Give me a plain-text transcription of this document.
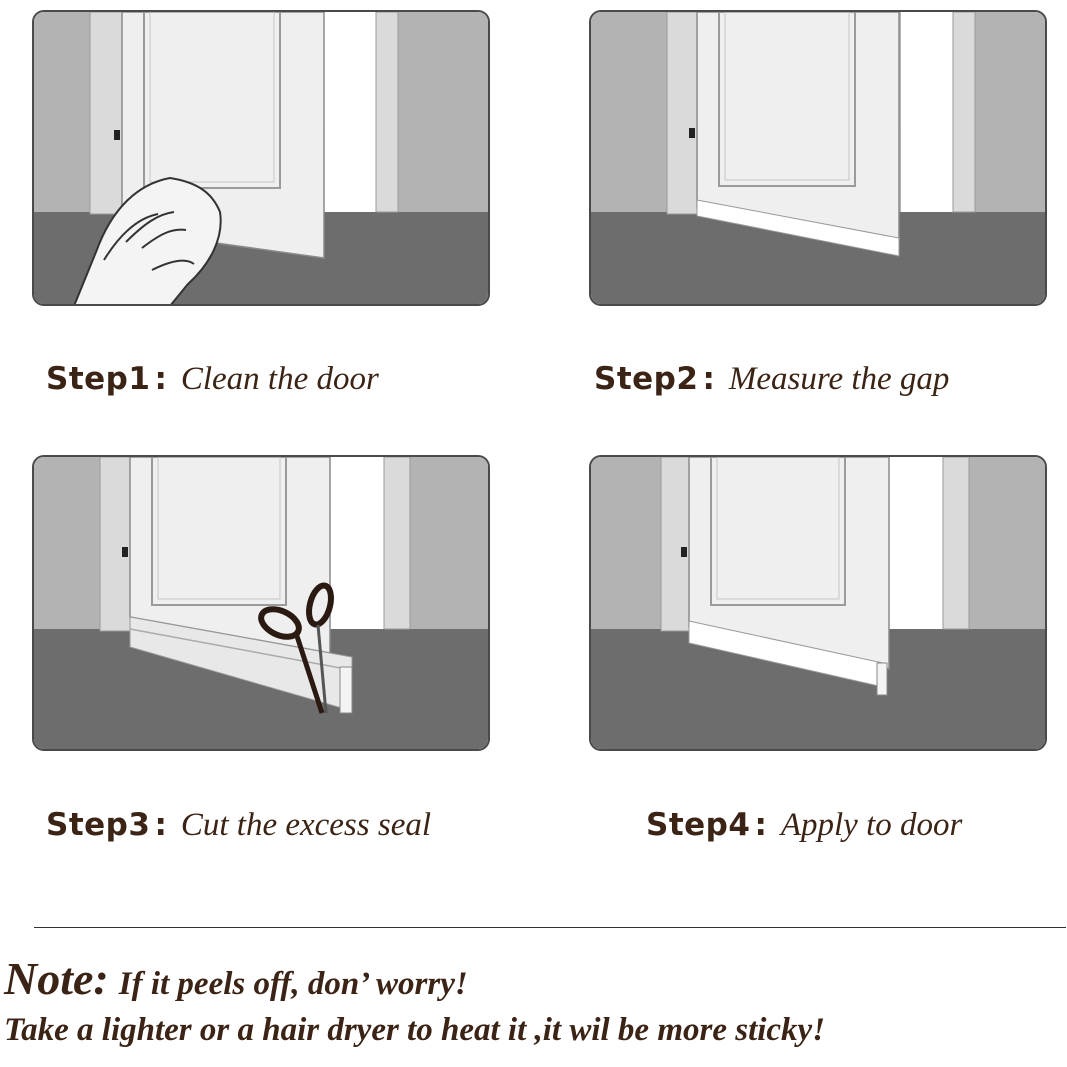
Step1 : Clean the door	Step2 : Measure the gap
Step3 : Cut the excess seal	Step4 : Apply to door
Note: If it peels off, don’ worry!
Take a lighter or a hair dryer to heat it ,it wil be more sticky!
